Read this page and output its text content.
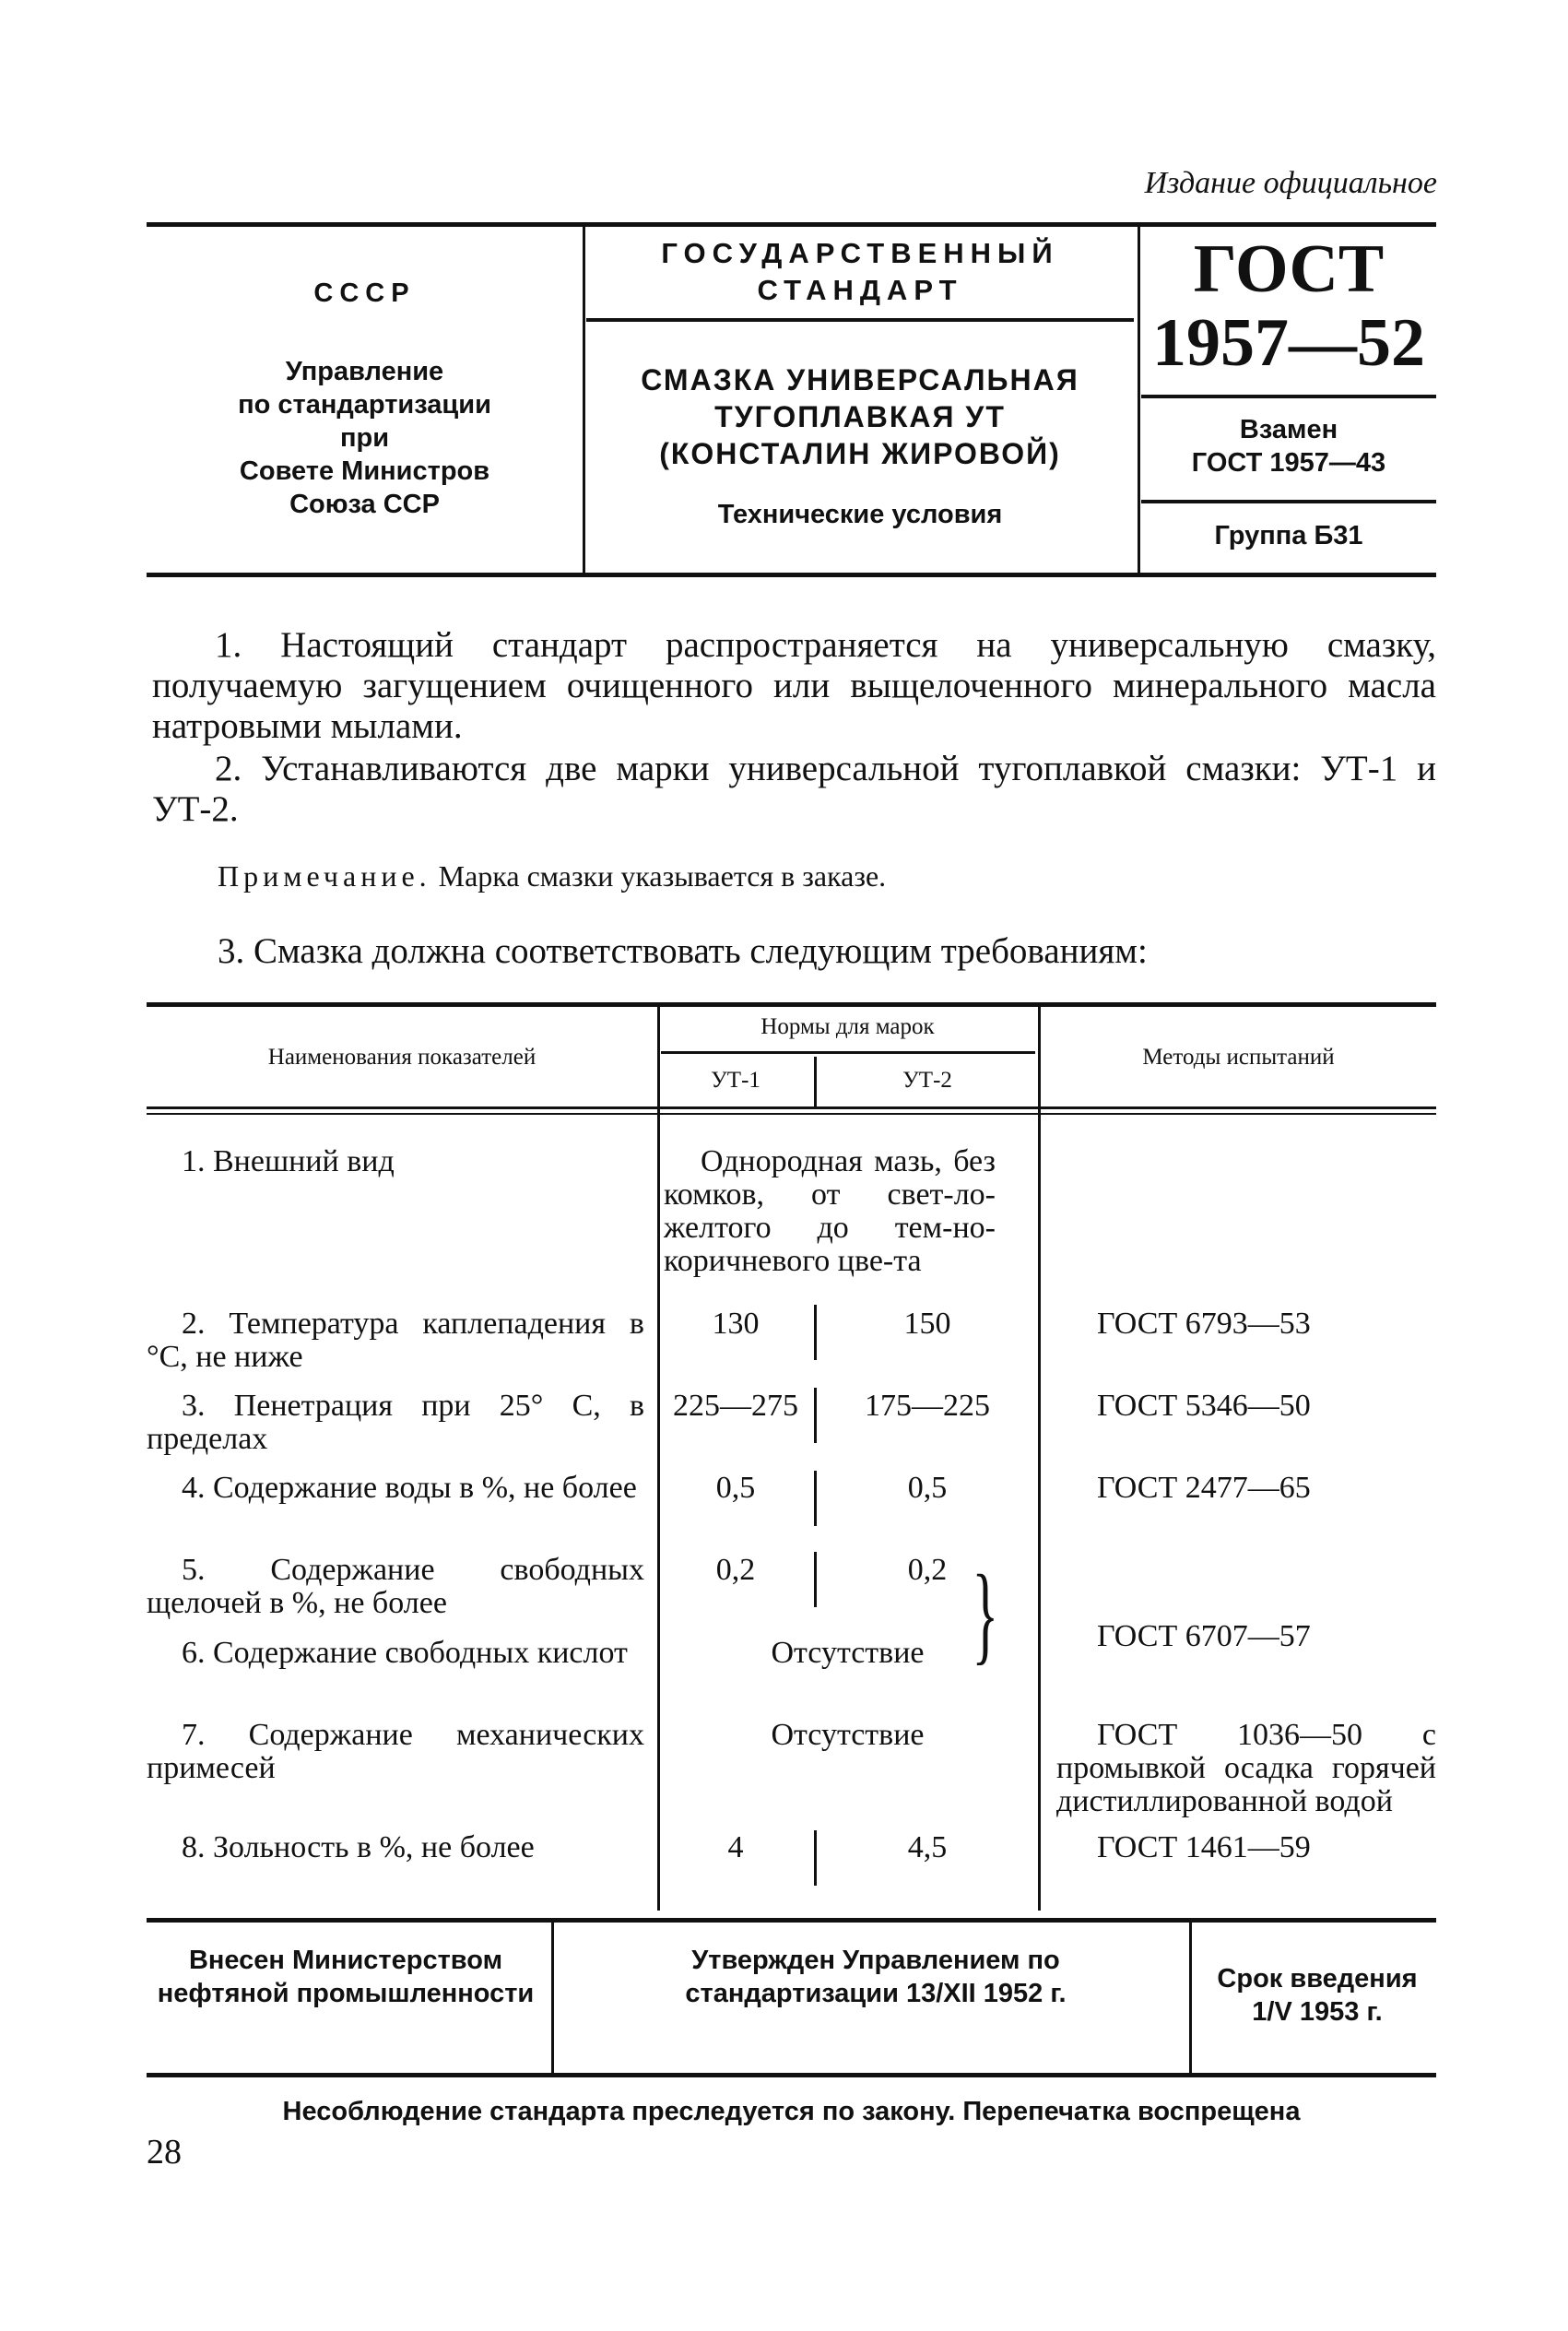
Издание официальное
СССР
Управление
по стандартизации
при
Совете Министров
Союза ССР
ГОСУДАРСТВЕННЫЙ
СТАНДАРТ
СМАЗКА УНИВЕРСАЛЬНАЯ
ТУГОПЛАВКАЯ УТ
(КОНСТАЛИН ЖИРОВОЙ)
Технические условия
ГОСТ
1957—52
Взамен
ГОСТ 1957—43
Группа Б31
1. Настоящий стандарт распространяется на универсальную смазку, получаемую загущением очищенного или выщелоченного минерального масла натровыми мылами.
2. Устанавливаются две марки универсальной тугоплавкой смазки: УТ-1 и УТ-2.
Примечание. Марка смазки указывается в заказе.
3. Смазка должна соответствовать следующим требованиям:
}
Наименования показателей
Нормы для марок
УТ-1	УТ-2
Методы испытаний
1. Внешний вид	Однородная мазь, без комков, от свет-ло-желтого до тем-но-коричневого цве-та
2. Температура каплепадения в °С, не ниже
130	150	ГОСТ 6793—53
3. Пенетрация при 25° С, в пределах
225—275	175—225	ГОСТ 5346—50
4. Содержание воды в %, не более	0,5	0,5	ГОСТ 2477—65
5. Содержание свободных щелочей в %, не более
0,2	0,2
6. Содержание свободных кислот	Отсутствие	ГОСТ 6707—57
7. Содержание механических примесей
Отсутствие	ГОСТ 1036—50 с промывкой осадка горячей дистиллированной водой
8. Зольность в %, не более	4	4,5	ГОСТ 1461—59
Внесен Министерством нефтяной промышленности
Утвержден Управлением по стандартизации 13/XII 1952 г.	Срок введения 1/V 1953 г.
Несоблюдение стандарта преследуется по закону. Перепечатка воспрещена
28
